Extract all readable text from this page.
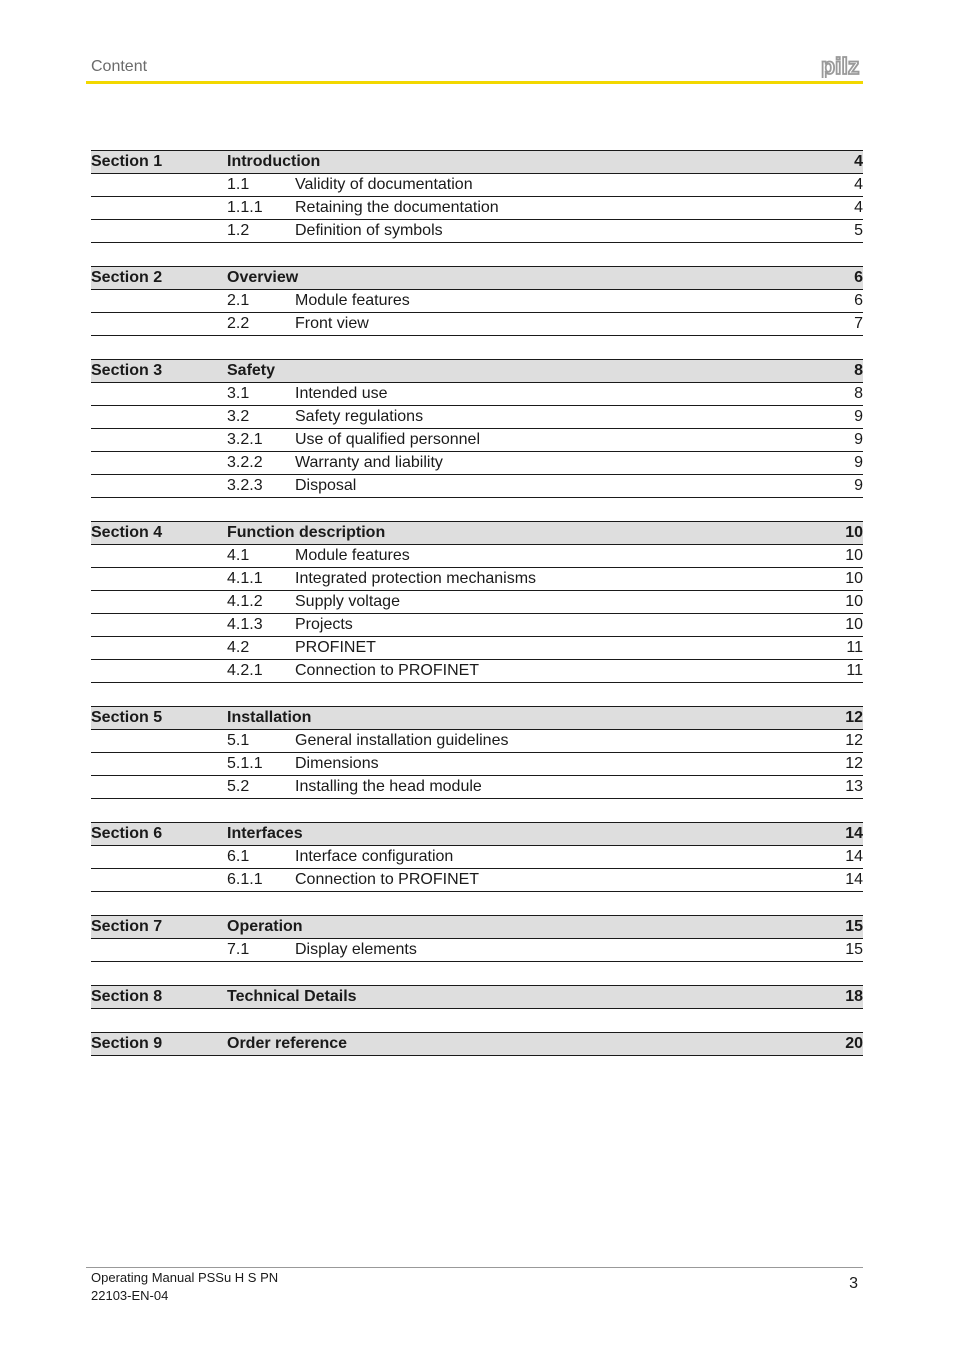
Content	pilz
Section 1	Introduction	4
1.1	Validity of documentation	4
1.1.1 Retaining the documentation	4
1.2	Definition of symbols	5
Section 2	Overview	6
2.1	Module features	6
2.2	Front view	7
Section 3	Safety	8
3.1	Intended use	8
3.2	Safety regulations	9
3.2.1 Use of qualified personnel	9
3.2.2 Warranty and liability	9
3.2.3 Disposal	9
Section 4	Function description	10
4.1	Module features	10
4.1.1 Integrated protection mechanisms	10
4.1.2 Supply voltage	10
4.1.3 Projects	10
4.2	PROFINET	11
4.2.1 Connection to PROFINET	11
Section 5	Installation	12
5.1	General installation guidelines	12
5.1.1 Dimensions	12
5.2	Installing the head module	13
Section 6	Interfaces	14
6.1	Interface configuration	14
6.1.1 Connection to PROFINET	14
Section 7	Operation	15
7.1	Display elements	15
Section 8	Technical Details	18
Section 9	Order reference	20
Operating Manual PSSu H S PN
22103-EN-04
3
